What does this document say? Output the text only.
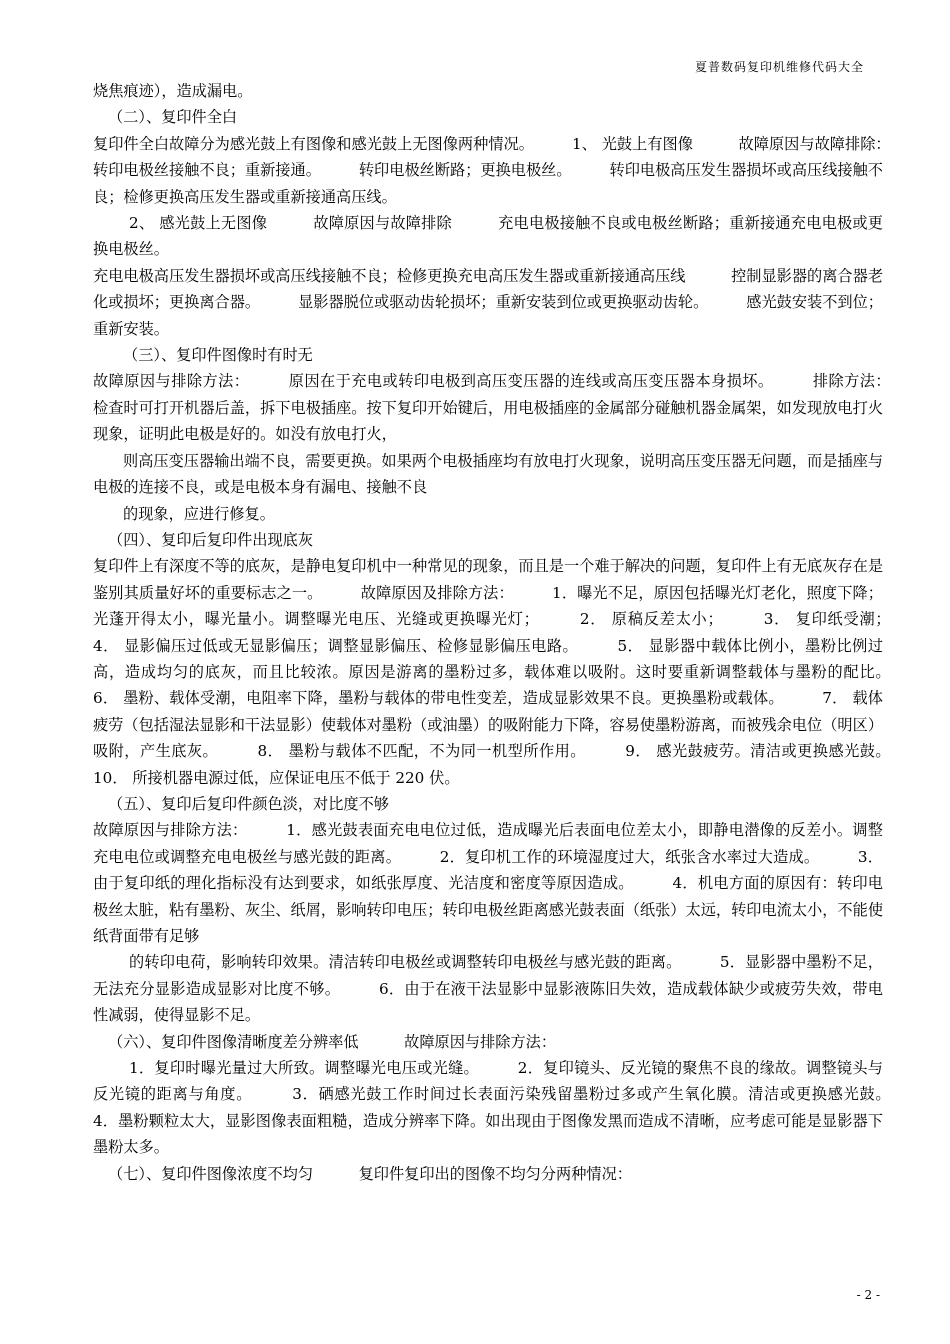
夏普数码复印机维修代码大全

烧焦痕迹），造成漏电。

（二）、复印件全白

复印件全白故障分为感光鼓上有图像和感光鼓上无图像两种情况。　　　1、 光鼓上有图像　　　故障原因与故障排除：　　　转印电极丝接触不良；重新接通。　　　转印电极丝断路；更换电极丝。　　　转印电极高压发生器损坏或高压线接触不良；检修更换高压发生器或重新接通高压线。

2、 感光鼓上无图像　　　故障原因与故障排除　　　充电电极接触不良或电极丝断路；重新接通充电电极或更换电极丝。

充电电极高压发生器损坏或高压线接触不良；检修更换充电高压发生器或重新接通高压线　　　控制显影器的离合器老化或损坏；更换离合器。　　　显影器脱位或驱动齿轮损坏；重新安装到位或更换驱动齿轮。　　　感光鼓安装不到位；重新安装。

（三）、复印件图像时有时无

故障原因与排除方法：　　　原因在于充电或转印电极到高压变压器的连线或高压变压器本身损坏。　　　排除方法：　　　检查时可打开机器后盖，拆下电极插座。按下复印开始键后，用电极插座的金属部分碰触机器金属架，如发现放电打火现象，证明此电极是好的。如没有放电打火，

则高压变压器输出端不良，需要更换。如果两个电极插座均有放电打火现象，说明高压变压器无问题，而是插座与电极的连接不良，或是电极本身有漏电、接触不良

的现象，应进行修复。

（四）、复印后复印件出现底灰

复印件上有深度不等的底灰，是静电复印机中一种常见的现象，而且是一个难于解决的问题，复印件上有无底灰存在是鉴别其质量好坏的重要标志之一。　　　故障原因及排除方法：　　　1．曝光不足，原因包括曝光灯老化，照度下降；光蓬开得太小，曝光量小。调整曝光电压、光缝或更换曝光灯；　　　2． 原稿反差太小；　　　3． 复印纸受潮；　　　4． 显影偏压过低或无显影偏压；调整显影偏压、检修显影偏压电路。　　　5． 显影器中载体比例小，墨粉比例过高，造成均匀的底灰，而且比较浓。原因是游离的墨粉过多，载体难以吸附。这时要重新调整载体与墨粉的配比。　　　6． 墨粉、载体受潮，电阻率下降，墨粉与载体的带电性变差，造成显影效果不良。更换墨粉或载体。　　　7． 载体疲劳（包括湿法显影和干法显影）使载体对墨粉（或油墨）的吸附能力下降，容易使墨粉游离，而被残余电位（明区）吸附，产生底灰。　　　8． 墨粉与载体不匹配，不为同一机型所作用。　　　9． 感光鼓疲劳。清洁或更换感光鼓。　　　10． 所接机器电源过低，应保证电压不低于 220 伏。

（五）、复印后复印件颜色淡，对比度不够

故障原因与排除方法：　　　1．感光鼓表面充电电位过低，造成曝光后表面电位差太小，即静电潜像的反差小。调整充电电位或调整充电电极丝与感光鼓的距离。　　　2．复印机工作的环境湿度过大，纸张含水率过大造成。　　　3．由于复印纸的理化指标没有达到要求，如纸张厚度、光洁度和密度等原因造成。　　　4．机电方面的原因有：转印电极丝太脏，粘有墨粉、灰尘、纸屑，影响转印电压；转印电极丝距离感光鼓表面（纸张）太远，转印电流太小，不能使纸背面带有足够

的转印电荷，影响转印效果。清洁转印电极丝或调整转印电极丝与感光鼓的距离。　　　5．显影器中墨粉不足，无法充分显影造成显影对比度不够。　　　6．由于在液干法显影中显影液陈旧失效，造成载体缺少或疲劳失效，带电性减弱，使得显影不足。

（六）、复印件图像清晰度差分辨率低　　　故障原因与排除方法：

1．复印时曝光量过大所致。调整曝光电压或光缝。　　　2．复印镜头、反光镜的聚焦不良的缘故。调整镜头与反光镜的距离与角度。　　　3．硒感光鼓工作时间过长表面污染残留墨粉过多或产生氧化膜。清洁或更换感光鼓。　　　4．墨粉颗粒太大，显影图像表面粗糙，造成分辨率下降。如出现由于图像发黑而造成不清晰，应考虑可能是显影器下墨粉太多。

（七）、复印件图像浓度不均匀　　　复印件复印出的图像不均匀分两种情况：

- 2 -
